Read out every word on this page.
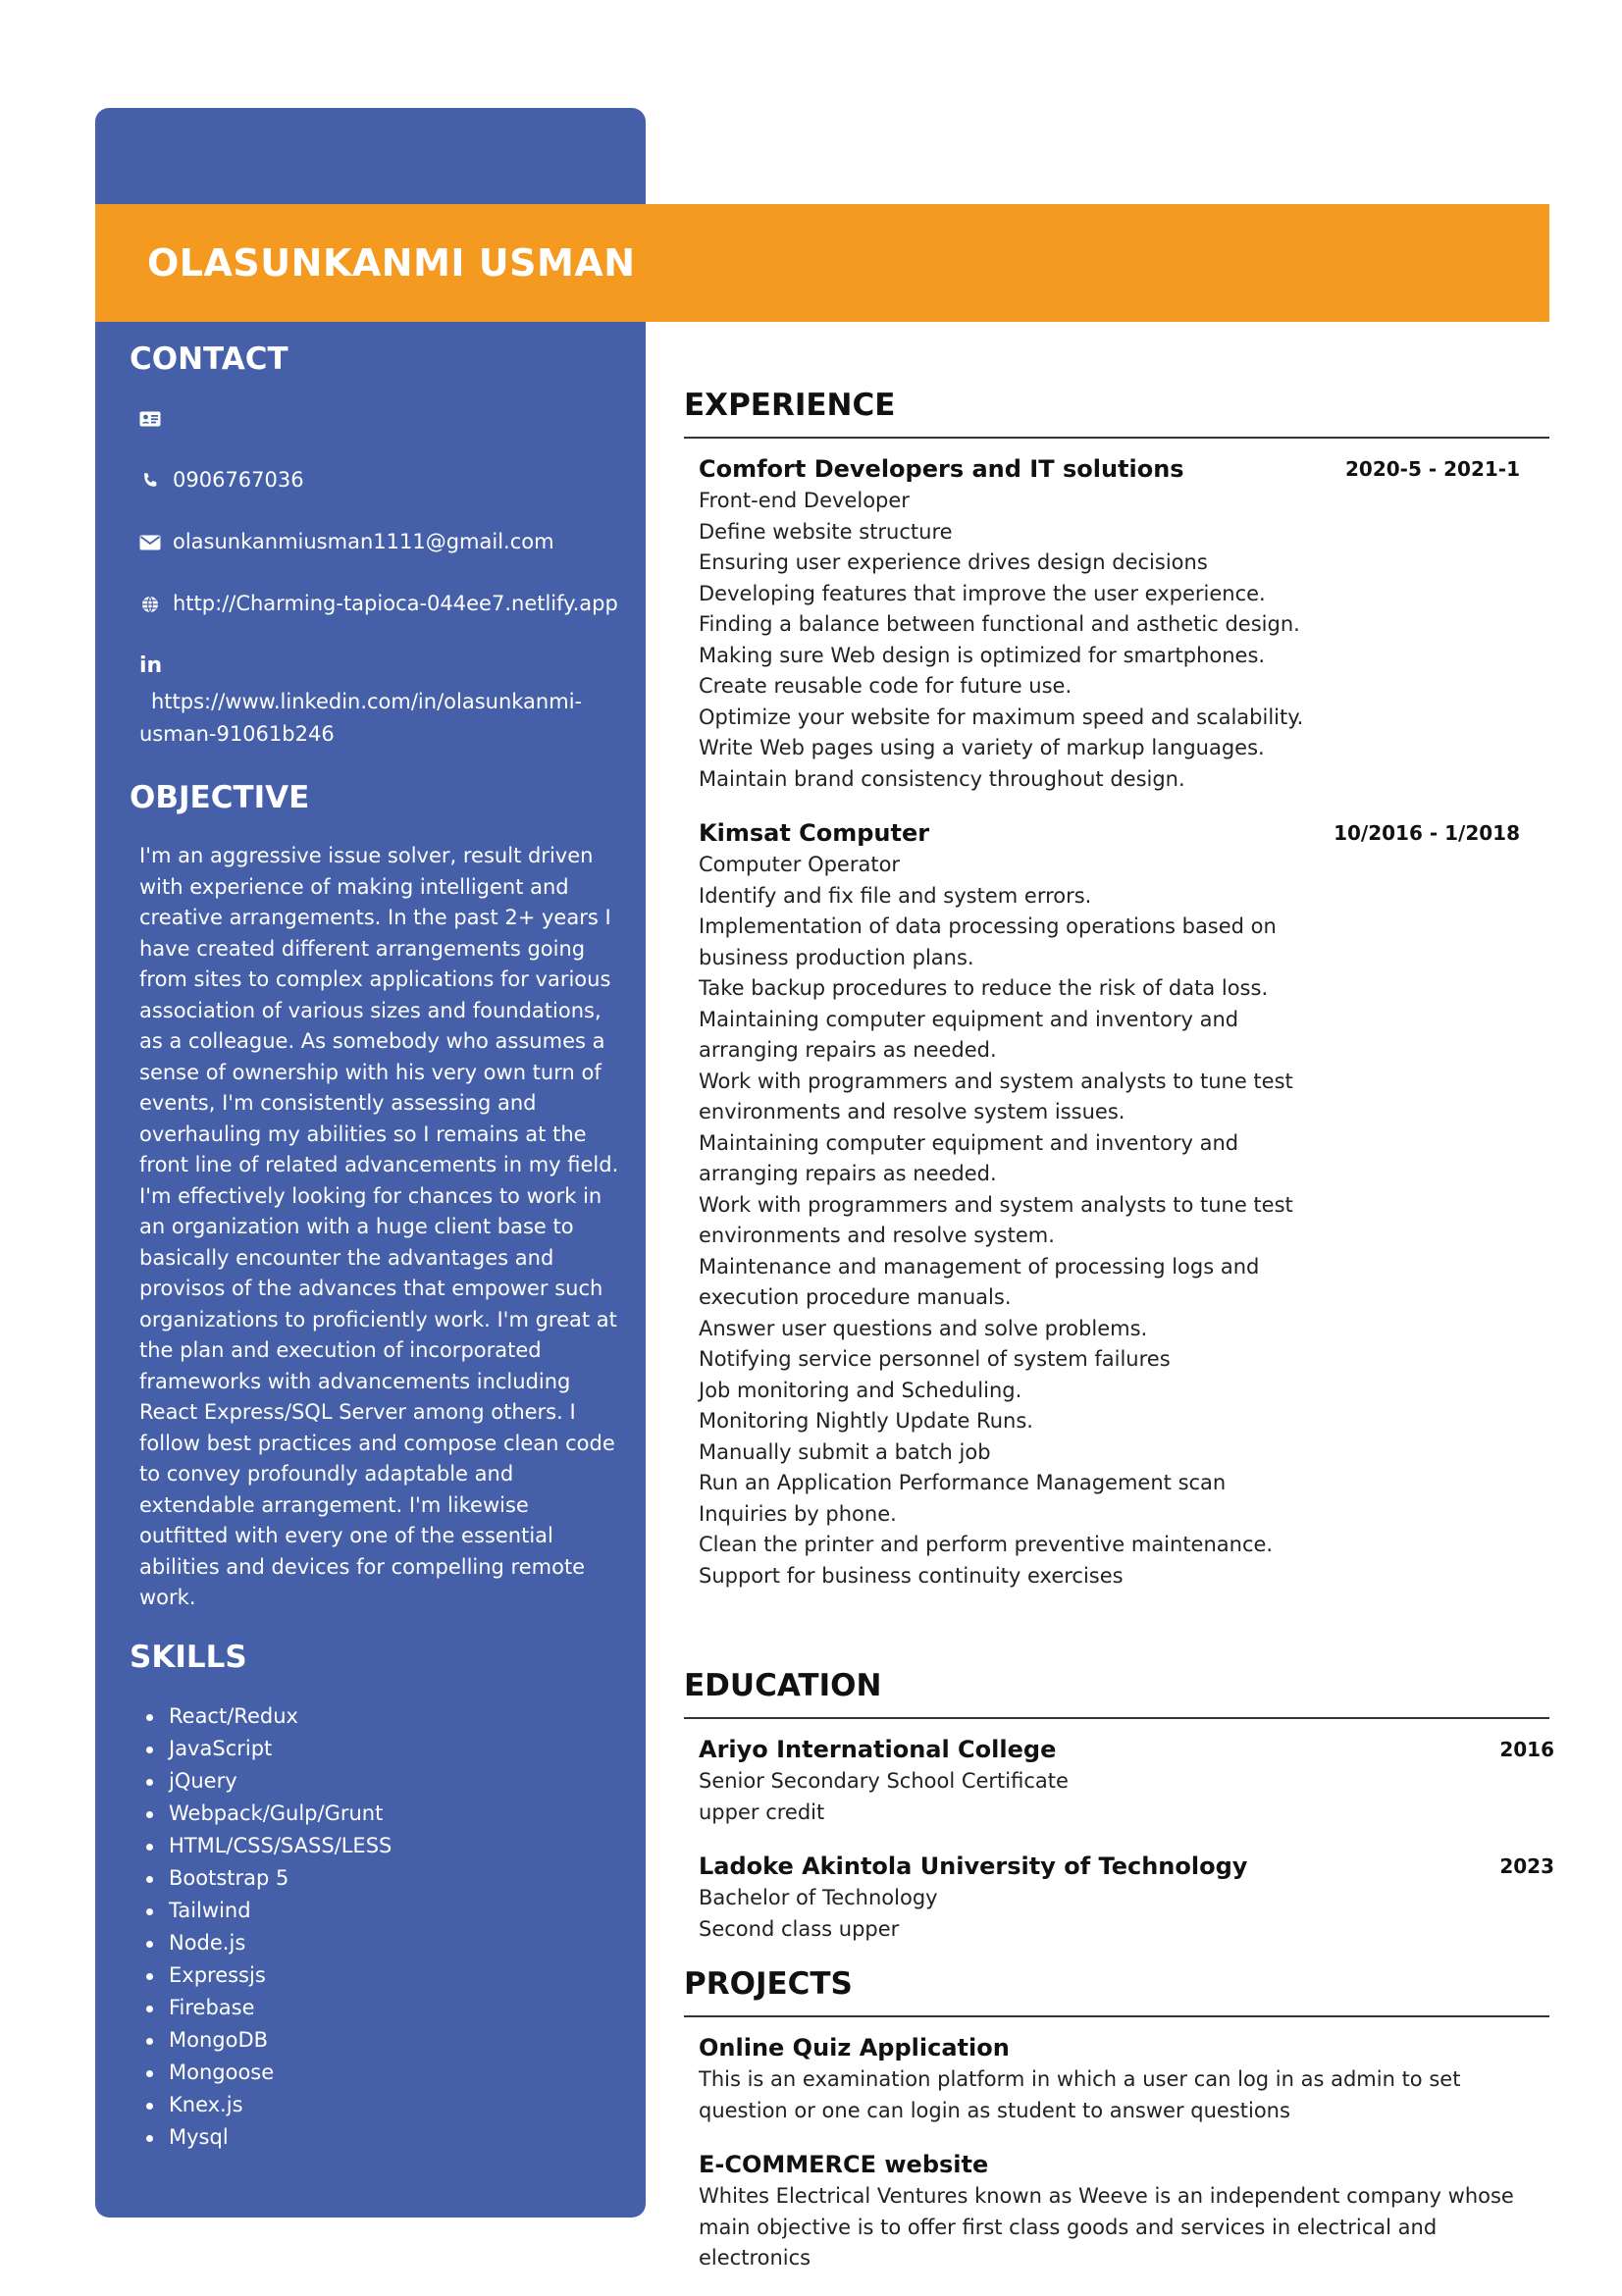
OLASUNKANMI USMAN
CONTACT
0906767036
olasunkanmiusman1111@gmail.com
http://Charming-tapioca-044ee7.netlify.app
in
https://www.linkedin.com/in/olasunkanmi-usman-91061b246
OBJECTIVE
I'm an aggressive issue solver, result driven with experience of making intelligent and creative arrangements. In the past 2+ years I have created different arrangements going from sites to complex applications for various association of various sizes and foundations, as a colleague. As somebody who assumes a sense of ownership with his very own turn of events, I'm consistently assessing and overhauling my abilities so I remains at the front line of related advancements in my field. I'm effectively looking for chances to work in an organization with a huge client base to basically encounter the advantages and provisos of the advances that empower such organizations to proficiently work. I'm great at the plan and execution of incorporated frameworks with advancements including React Express/SQL Server among others. I follow best practices and compose clean code to convey profoundly adaptable and extendable arrangement. I'm likewise outfitted with every one of the essential abilities and devices for compelling remote work.
SKILLS
React/Redux
JavaScript
jQuery
Webpack/Gulp/Grunt
HTML/CSS/SASS/LESS
Bootstrap 5
Tailwind
Node.js
Expressjs
Firebase
MongoDB
Mongoose
Knex.js
Mysql
EXPERIENCE
Comfort Developers and IT solutions	2020-5 - 2021-1
Front-end Developer
Define website structure
Ensuring user experience drives design decisions
Developing features that improve the user experience.
Finding a balance between functional and asthetic design.
Making sure Web design is optimized for smartphones.
Create reusable code for future use.
Optimize your website for maximum speed and scalability.
Write Web pages using a variety of markup languages.
Maintain brand consistency throughout design.
Kimsat Computer	10/2016 - 1/2018
Computer Operator
Identify and fix file and system errors.
Implementation of data processing operations based on business production plans.
Take backup procedures to reduce the risk of data loss.
Maintaining computer equipment and inventory and arranging repairs as needed.
Work with programmers and system analysts to tune test environments and resolve system issues.
Maintaining computer equipment and inventory and arranging repairs as needed.
Work with programmers and system analysts to tune test environments and resolve system.
Maintenance and management of processing logs and execution procedure manuals.
Answer user questions and solve problems.
Notifying service personnel of system failures
Job monitoring and Scheduling.
Monitoring Nightly Update Runs.
Manually submit a batch job
Run an Application Performance Management scan
Inquiries by phone.
Clean the printer and perform preventive maintenance.
Support for business continuity exercises
EDUCATION
Ariyo International College	2016
Senior Secondary School Certificate
upper credit
Ladoke Akintola University of Technology	2023
Bachelor of Technology
Second class upper
PROJECTS
Online Quiz Application
This is an examination platform in which a user can log in as admin to set question or one can login as student to answer questions
E-COMMERCE website
Whites Electrical Ventures known as Weeve is an independent company whose main objective is to offer first class goods and services in electrical and electronics
